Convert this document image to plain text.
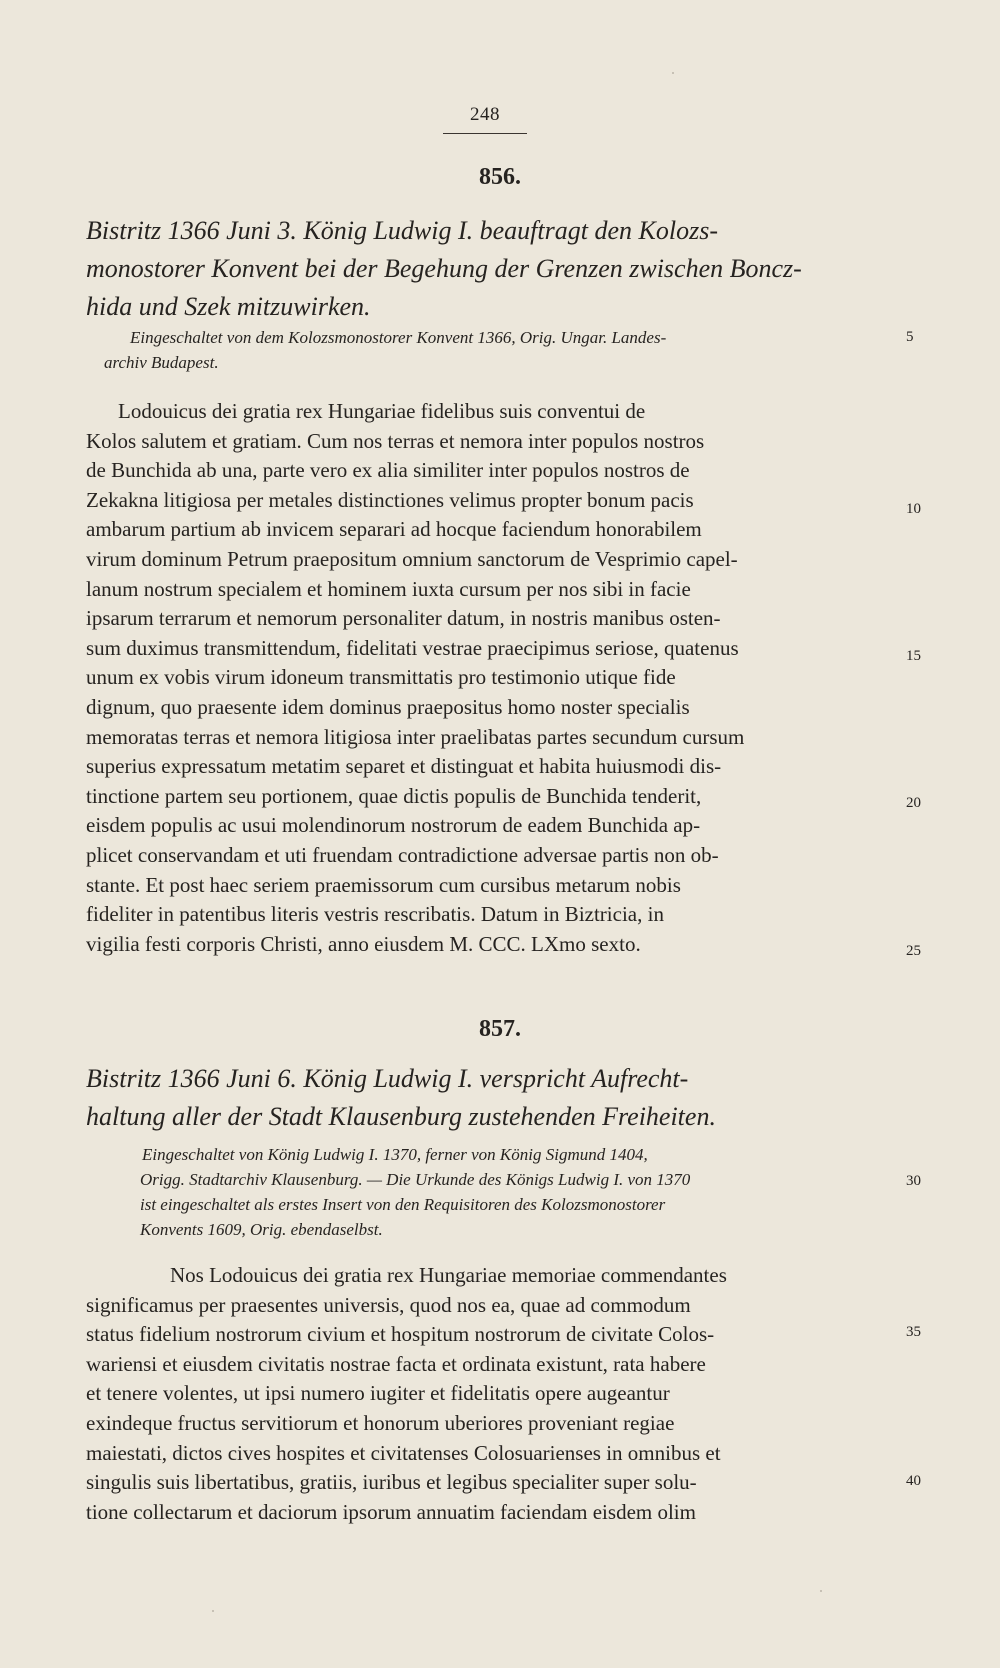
248
856.
Bistritz 1366 Juni 3. König Ludwig I. beauftragt den Kolozs-
monostorer Konvent bei der Begehung der Grenzen zwischen Boncz-
hida und Szek mitzuwirken.
Eingeschaltet von dem Kolozsmonostorer Konvent 1366, Orig. Ungar. Landes-
archiv Budapest.
Lodouicus dei gratia rex Hungariae fidelibus suis conventui de
Kolos salutem et gratiam. Cum nos terras et nemora inter populos nostros
de Bunchida ab una, parte vero ex alia similiter inter populos nostros de
Zekakna litigiosa per metales distinctiones velimus propter bonum pacis
ambarum partium ab invicem separari ad hocque faciendum honorabilem
virum dominum Petrum praepositum omnium sanctorum de Vesprimio capel-
lanum nostrum specialem et hominem iuxta cursum per nos sibi in facie
ipsarum terrarum et nemorum personaliter datum, in nostris manibus osten-
sum duximus transmittendum, fidelitati vestrae praecipimus seriose, quatenus
unum ex vobis virum idoneum transmittatis pro testimonio utique fide
dignum, quo praesente idem dominus praepositus homo noster specialis
memoratas terras et nemora litigiosa inter praelibatas partes secundum cursum
superius expressatum metatim separet et distinguat et habita huiusmodi dis-
tinctione partem seu portionem, quae dictis populis de Bunchida tenderit,
eisdem populis ac usui molendinorum nostrorum de eadem Bunchida ap-
plicet conservandam et uti fruendam contradictione adversae partis non ob-
stante. Et post haec seriem praemissorum cum cursibus metarum nobis
fideliter in patentibus literis vestris rescribatis. Datum in Biztricia, in
vigilia festi corporis Christi, anno eiusdem M. CCC. LXmo sexto.
857.
Bistritz 1366 Juni 6. König Ludwig I. verspricht Aufrecht-
haltung aller der Stadt Klausenburg zustehenden Freiheiten.
Eingeschaltet von König Ludwig I. 1370, ferner von König Sigmund 1404,
Origg. Stadtarchiv Klausenburg. — Die Urkunde des Königs Ludwig I. von 1370
ist eingeschaltet als erstes Insert von den Requisitoren des Kolozsmonostorer
Konvents 1609, Orig. ebendaselbst.
Nos Lodouicus dei gratia rex Hungariae memoriae commendantes
significamus per praesentes universis, quod nos ea, quae ad commodum
status fidelium nostrorum civium et hospitum nostrorum de civitate Colos-
wariensi et eiusdem civitatis nostrae facta et ordinata existunt, rata habere
et tenere volentes, ut ipsi numero iugiter et fidelitatis opere augeantur
exindeque fructus servitiorum et honorum uberiores proveniant regiae
maiestati, dictos cives hospites et civitatenses Colosuarienses in omnibus et
singulis suis libertatibus, gratiis, iuribus et legibus specialiter super solu-
tione collectarum et daciorum ipsorum annuatim faciendam eisdem olim
5
10
15
20
25
30
35
40
